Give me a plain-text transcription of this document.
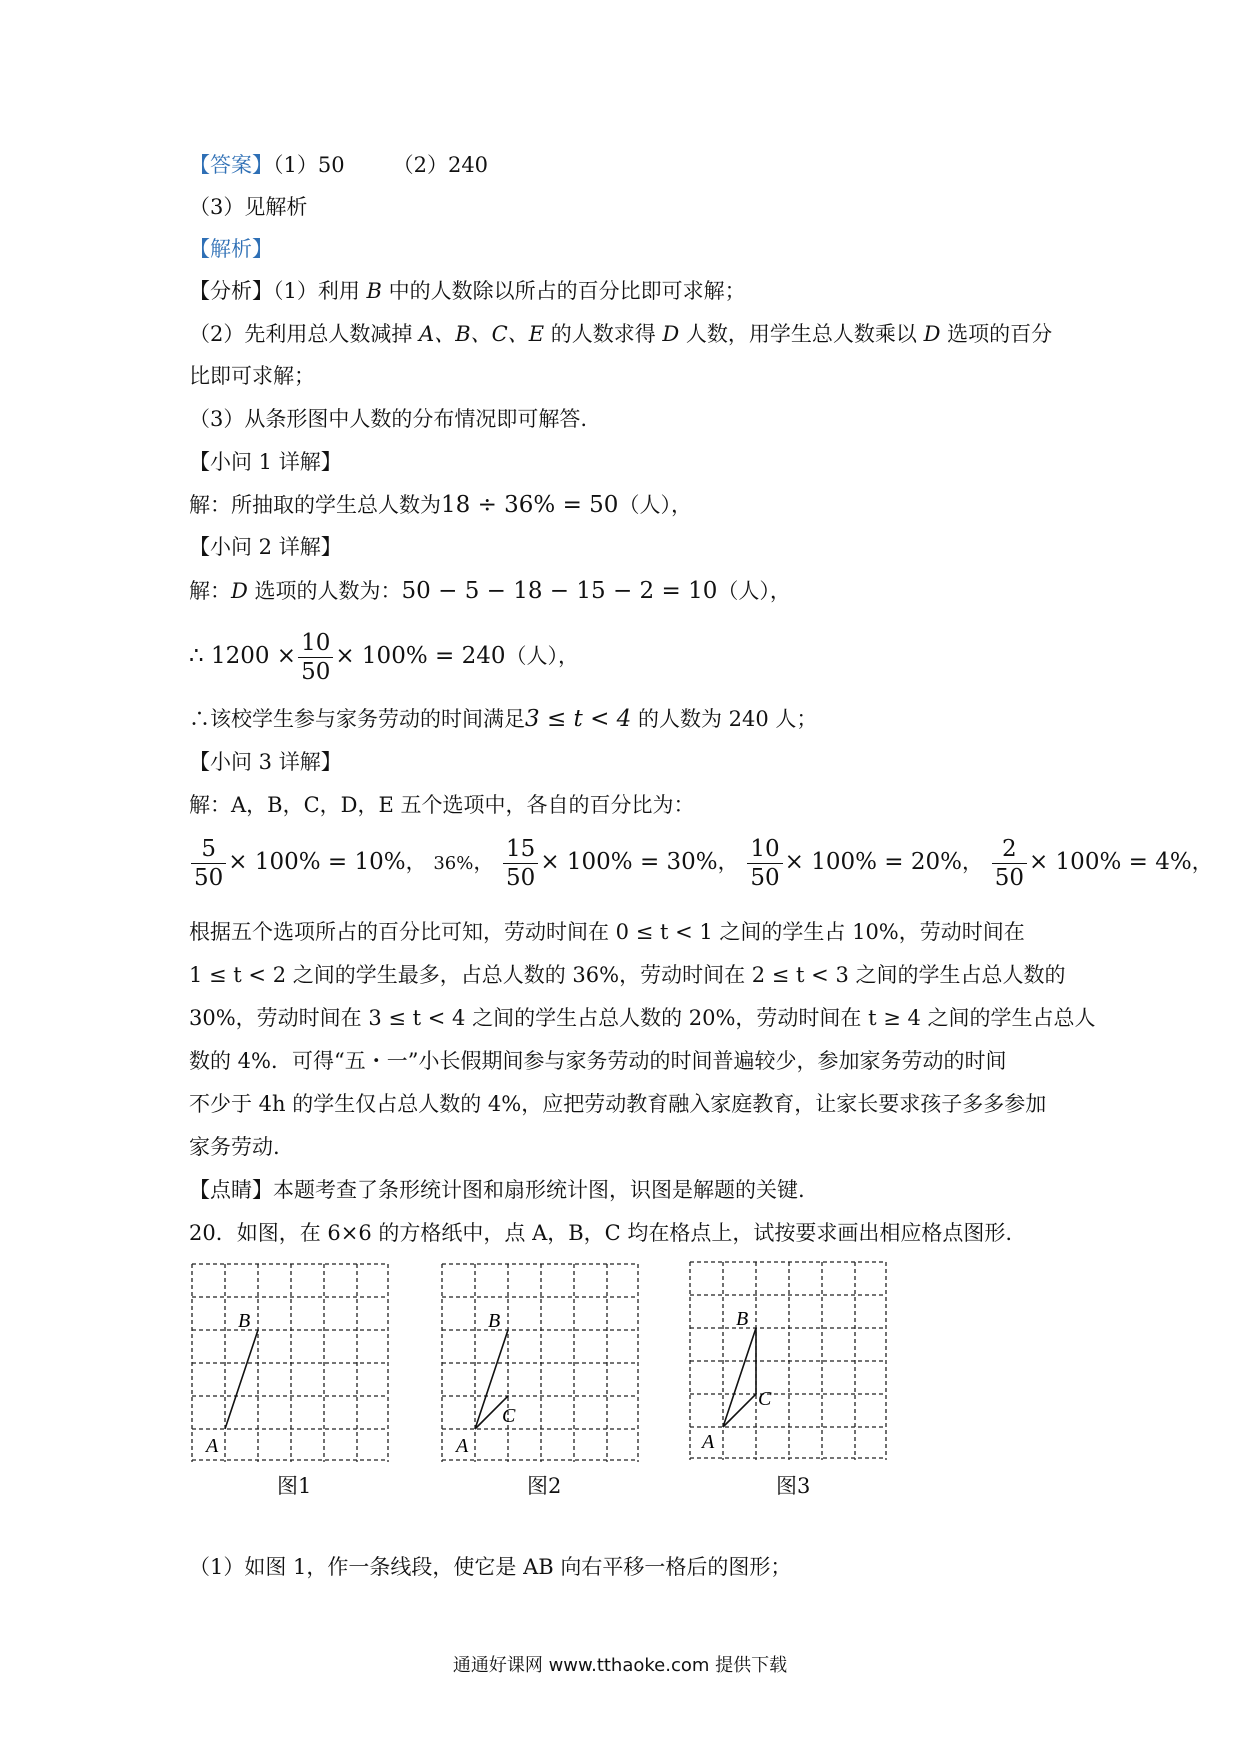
【答案】（1）50 （2）240
（3）见解析
【解析】
【分析】（1）利用 B 中的人数除以所占的百分比即可求解；
（2）先利用总人数减掉 A、B、C、E 的人数求得 D 人数，用学生总人数乘以 D 选项的百分
比即可求解；
（3）从条形图中人数的分布情况即可解答.
【小问 1 详解】
解：所抽取的学生总人数为18 ÷ 36% = 50（人），
【小问 2 详解】
解：D 选项的人数为：50 − 5 − 18 − 15 − 2 = 10（人），
∴ $1200 \times \frac{10}{50} \times 100\% = 240$（人），
∴该校学生参与家务劳动的时间满足3 ≤ t < 4 的人数为 240 人；
【小问 3 详解】
解：A，B，C，D，E 五个选项中，各自的百分比为：
$\frac{5}{50} \times 100\% = 10\%$， 36%， $\frac{15}{50} \times 100\% = 30\%$， $\frac{10}{50} \times 100\% = 20\%$， $\frac{2}{50} \times 100\% = 4\%$，
根据五个选项所占的百分比可知，劳动时间在 0 ≤ t < 1 之间的学生占 10%，劳动时间在
1 ≤ t < 2 之间的学生最多，占总人数的 36%，劳动时间在 2 ≤ t < 3 之间的学生占总人数的
30%，劳动时间在 3 ≤ t < 4 之间的学生占总人数的 20%，劳动时间在 t ≥ 4 之间的学生占总人
数的 4%．可得“五・一”小长假期间参与家务劳动的时间普遍较少，参加家务劳动的时间
不少于 4h 的学生仅占总人数的 4%，应把劳动教育融入家庭教育，让家长要求孩子多多参加
家务劳动.
【点睛】本题考查了条形统计图和扇形统计图，识图是解题的关键.
20．如图，在 6×6 的方格纸中，点 A，B，C 均在格点上，试按要求画出相应格点图形.
B
A
图1
B
C
A
图2
B
C
A
图3
（1）如图 1，作一条线段，使它是 AB 向右平移一格后的图形；
通通好课网 www.tthaoke.com 提供下载
